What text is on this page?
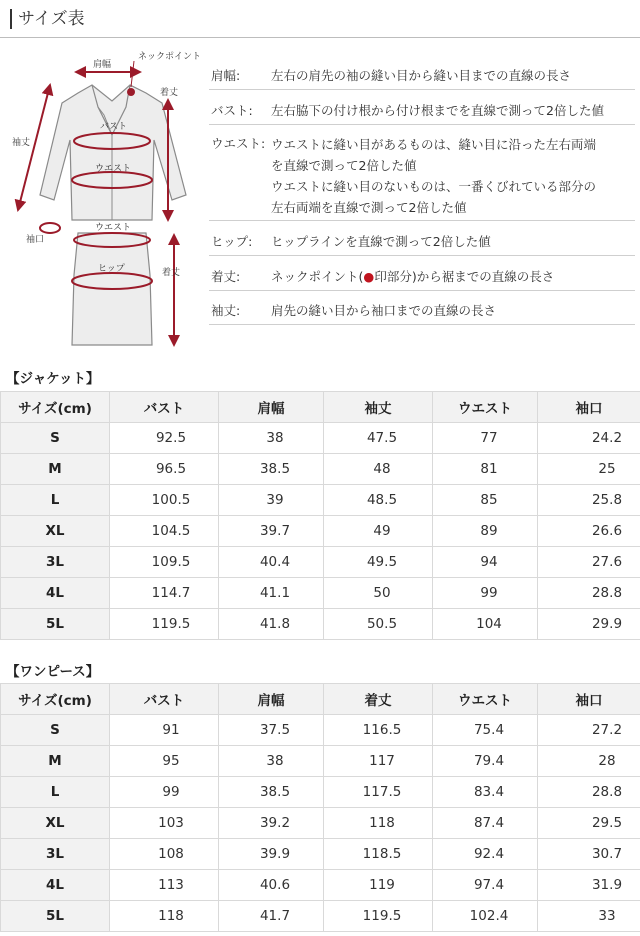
サイズ表
肩幅
ネックポイント
着丈
袖丈
バスト
ウエスト
袖口
ウエスト
ヒップ	着丈
肩幅: 左右の肩先の袖の縫い目から縫い目までの直線の長さ
バスト: 左右脇下の付け根から付け根までを直線で測って2倍した値
ウエスト: ウエストに縫い目があるものは、縫い目に沿った左右両端
を直線で測って2倍した値
ウエストに縫い目のないものは、一番くびれている部分の
左右両端を直線で測って2倍した値
ヒップ: ヒップラインを直線で測って2倍した値
着丈: ネックポイント(●印部分)から裾までの直線の長さ
袖丈: 肩先の縫い目から袖口までの直線の長さ
【ジャケット】
サイズ(cm)	バスト	肩幅	袖丈	ウエスト	袖口
S	92.5	38	47.5	77	24.2
M	96.5	38.5	48	81	25
L	100.5	39	48.5	85	25.8
XL	104.5	39.7	49	89	26.6
3L	109.5	40.4	49.5	94	27.6
4L	114.7	41.1	50	99	28.8
5L	119.5	41.8	50.5	104	29.9
【ワンピース】
サイズ(cm)	バスト	肩幅	着丈	ウエスト	袖口
S	91	37.5	116.5	75.4	27.2
M	95	38	117	79.4	28
L	99	38.5	117.5	83.4	28.8
XL	103	39.2	118	87.4	29.5
3L	108	39.9	118.5	92.4	30.7
4L	113	40.6	119	97.4	31.9
5L	118	41.7	119.5	102.4	33
